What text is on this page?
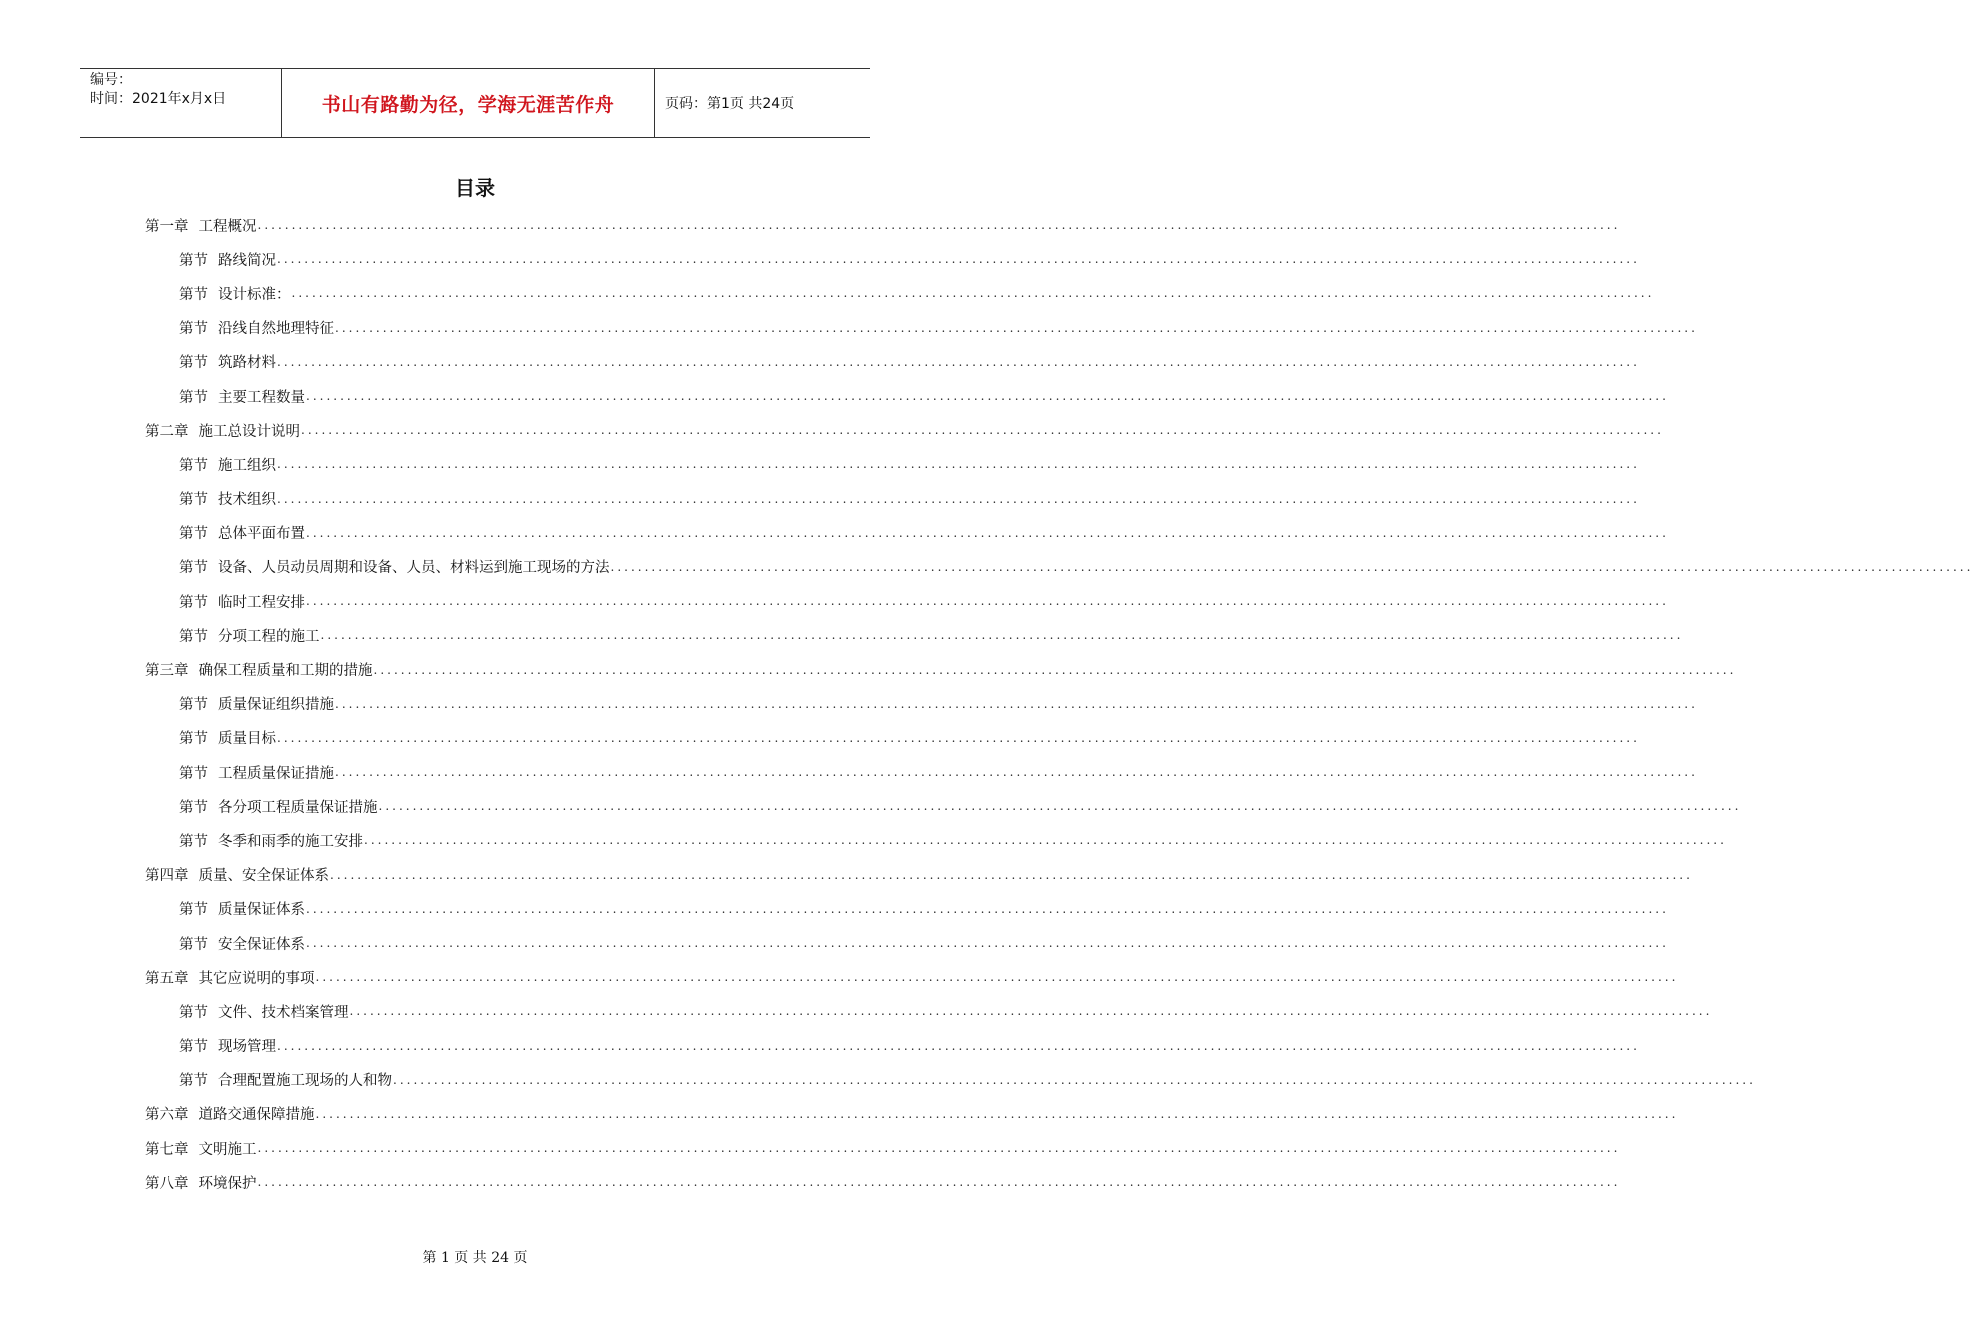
编号：
时间：2021年x月x日	书山有路勤为径，学海无涯苦作舟	页码：第1页 共24页
目录
第一章 工程概况 ........................................................................................................................................................................................................
第节 路线简况 ........................................................................................................................................................................................................
第节 设计标准： ........................................................................................................................................................................................................
第节 沿线自然地理特征 ........................................................................................................................................................................................................
第节 筑路材料 ........................................................................................................................................................................................................
第节 主要工程数量 ........................................................................................................................................................................................................
第二章 施工总设计说明 ........................................................................................................................................................................................................
第节 施工组织 ........................................................................................................................................................................................................
第节 技术组织 ........................................................................................................................................................................................................
第节 总体平面布置 ........................................................................................................................................................................................................
第节 设备、人员动员周期和设备、人员、材料运到施工现场的方法 ........................................................................................................................................................................................................
第节 临时工程安排 ........................................................................................................................................................................................................
第节 分项工程的施工 ........................................................................................................................................................................................................
第三章 确保工程质量和工期的措施 ........................................................................................................................................................................................................
第节 质量保证组织措施 ........................................................................................................................................................................................................
第节 质量目标 ........................................................................................................................................................................................................
第节 工程质量保证措施 ........................................................................................................................................................................................................
第节 各分项工程质量保证措施 ........................................................................................................................................................................................................
第节 冬季和雨季的施工安排 ........................................................................................................................................................................................................
第四章 质量、安全保证体系 ........................................................................................................................................................................................................
第节 质量保证体系 ........................................................................................................................................................................................................
第节 安全保证体系 ........................................................................................................................................................................................................
第五章 其它应说明的事项 ........................................................................................................................................................................................................
第节 文件、技术档案管理 ........................................................................................................................................................................................................
第节 现场管理 ........................................................................................................................................................................................................
第节 合理配置施工现场的人和物 ........................................................................................................................................................................................................
第六章 道路交通保障措施 ........................................................................................................................................................................................................
第七章 文明施工 ........................................................................................................................................................................................................
第八章 环境保护 ........................................................................................................................................................................................................
第 1 页 共 24 页
